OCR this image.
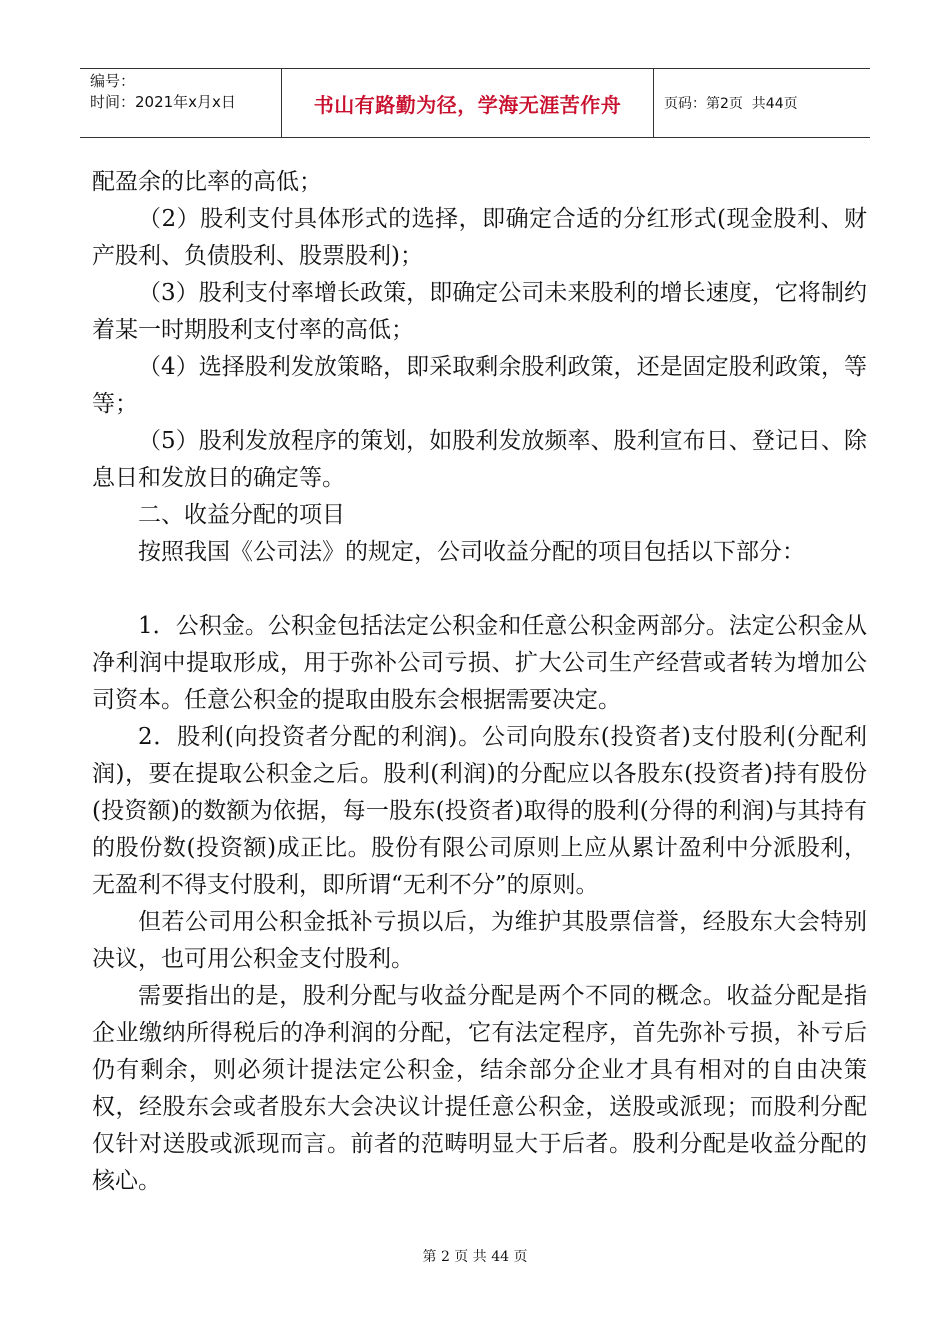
编号：
时间：2021年x月x日	书山有路勤为径，学海无涯苦作舟	页码：第2页  共44页

配盈余的比率的高低；

（2）股利支付具体形式的选择，即确定合适的分红形式(现金股利、财产股利、负债股利、股票股利)；

（3）股利支付率增长政策，即确定公司未来股利的增长速度，它将制约着某一时期股利支付率的高低；

（4）选择股利发放策略，即采取剩余股利政策，还是固定股利政策，等等；

（5）股利发放程序的策划，如股利发放频率、股利宣布日、登记日、除息日和发放日的确定等。

二、收益分配的项目

按照我国《公司法》的规定，公司收益分配的项目包括以下部分：

1．公积金。公积金包括法定公积金和任意公积金两部分。法定公积金从净利润中提取形成，用于弥补公司亏损、扩大公司生产经营或者转为增加公司资本。任意公积金的提取由股东会根据需要决定。

2．股利(向投资者分配的利润)。公司向股东(投资者)支付股利(分配利润)，要在提取公积金之后。股利(利润)的分配应以各股东(投资者)持有股份(投资额)的数额为依据，每一股东(投资者)取得的股利(分得的利润)与其持有的股份数(投资额)成正比。股份有限公司原则上应从累计盈利中分派股利，无盈利不得支付股利，即所谓“无利不分”的原则。

但若公司用公积金抵补亏损以后，为维护其股票信誉，经股东大会特别决议，也可用公积金支付股利。

需要指出的是，股利分配与收益分配是两个不同的概念。收益分配是指企业缴纳所得税后的净利润的分配，它有法定程序，首先弥补亏损，补亏后仍有剩余，则必须计提法定公积金，结余部分企业才具有相对的自由决策权，经股东会或者股东大会决议计提任意公积金，送股或派现；而股利分配仅针对送股或派现而言。前者的范畴明显大于后者。股利分配是收益分配的核心。

第 2 页 共 44 页
